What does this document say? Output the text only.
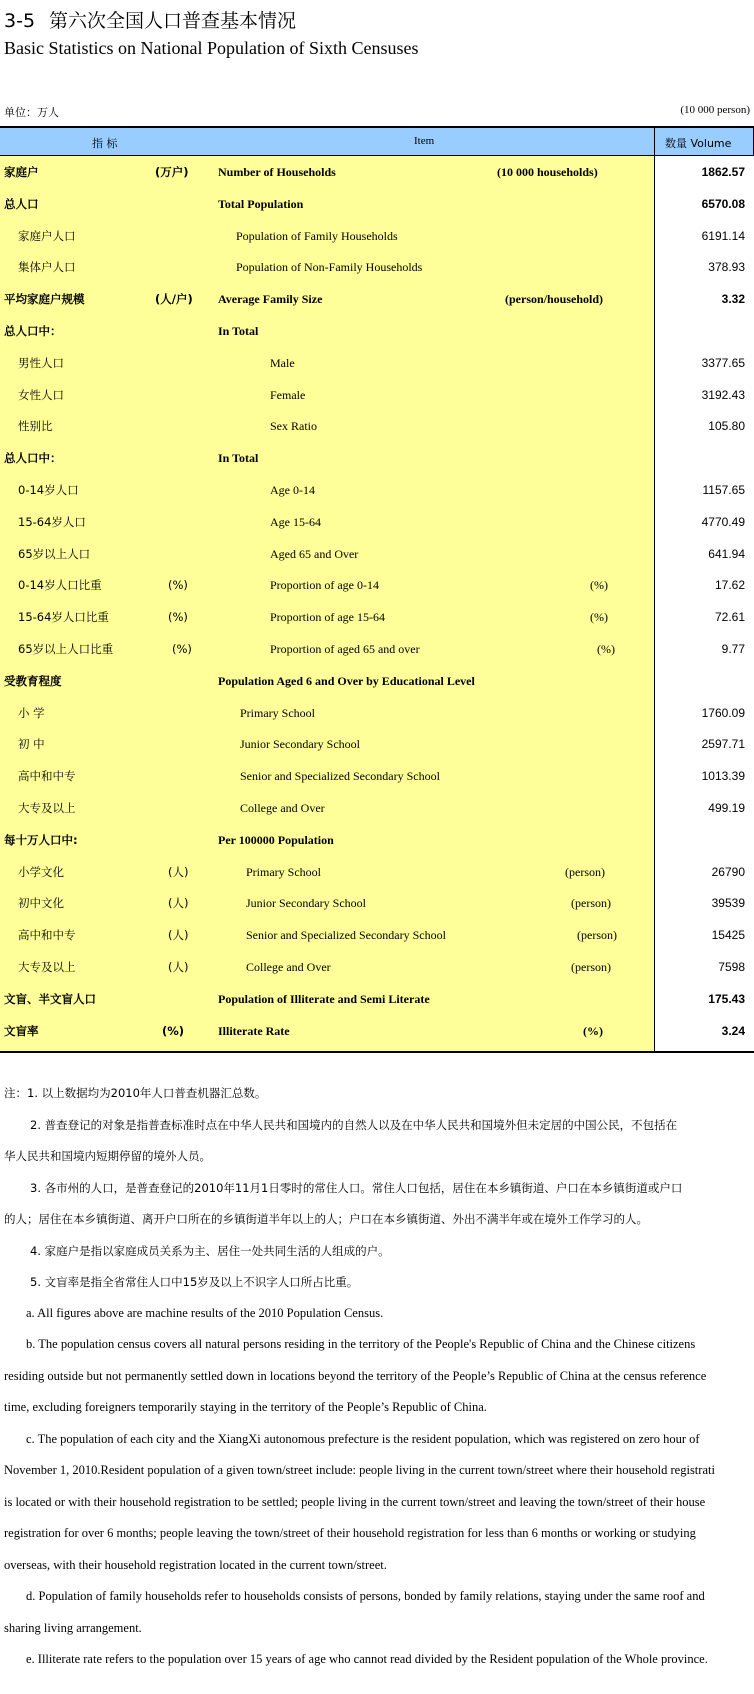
3-5 第六次全国人口普查基本情况
Basic Statistics on National Population of Sixth Censuses
单位：万人	(10 000 person)
指 标	Item	数量 Volume
家庭户	(万户) Number of Households	(10 000 households)	1862.57
总人口	Total Population	6570.08
家庭户人口	Population of Family Households	6191.14
集体户人口	Population of Non-Family Households	378.93
平均家庭户规模	(人/户) Average Family Size	(person/household)	3.32
总人口中：	In Total
男性人口	Male	3377.65
女性人口	Female	3192.43
性别比	Sex Ratio	105.80
总人口中：	In Total
0-14岁人口	Age 0-14	1157.65
15-64岁人口	Age 15-64	4770.49
65岁以上人口	Aged 65 and Over	641.94
0-14岁人口比重	(%)	Proportion of age 0-14	(%)	17.62
15-64岁人口比重	(%)	Proportion of age 15-64	(%)	72.61
65岁以上人口比重	(%)	Proportion of aged 65 and over	(%)	9.77
受教育程度	Population Aged 6 and Over by Educational Level
小 学	Primary School	1760.09
初 中	Junior Secondary School	2597.71
高中和中专	Senior and Specialized Secondary School	1013.39
大专及以上	College and Over	499.19
每十万人口中:	Per 100000 Population
小学文化	(人)	Primary School	(person)	26790
初中文化	(人)	Junior Secondary School	(person)	39539
高中和中专	(人)	Senior and Specialized Secondary School	(person)	15425
大专及以上	(人)	College and Over	(person)	7598
文盲、半文盲人口	Population of Illiterate and Semi Literate	175.43
文盲率	(%)	Illiterate Rate	(%)	3.24
注：1. 以上数据均为2010年人口普查机器汇总数。
2. 普查登记的对象是指普查标准时点在中华人民共和国境内的自然人以及在中华人民共和国境外但未定居的中国公民，不包括在
华人民共和国境内短期停留的境外人员。
3. 各市州的人口，是普查登记的2010年11月1日零时的常住人口。常住人口包括，居住在本乡镇街道、户口在本乡镇街道或户口
的人；居住在本乡镇街道、离开户口所在的乡镇街道半年以上的人；户口在本乡镇街道、外出不满半年或在境外工作学习的人。
4. 家庭户是指以家庭成员关系为主、居住一处共同生活的人组成的户。
5. 文盲率是指全省常住人口中15岁及以上不识字人口所占比重。
a. All figures above are machine results of the 2010 Population Census.
b. The population census covers all natural persons residing in the territory of the People's Republic of China and the Chinese citizens
residing outside but not permanently settled down in locations beyond the territory of the People’s Republic of China at the census reference
time, excluding foreigners temporarily staying in the territory of the People’s Republic of China.
c. The population of each city and the XiangXi autonomous prefecture is the resident population, which was registered on zero hour of
November 1, 2010.Resident population of a given town/street include: people living in the current town/street where their household registrati
is located or with their household registration to be settled; people living in the current town/street and leaving the town/street of their house
registration for over 6 months; people leaving the town/street of their household registration for less than 6 months or working or studying
overseas, with their household registration located in the current town/street.
d. Population of family households refer to households consists of persons, bonded by family relations, staying under the same roof and
sharing living arrangement.
e. Illiterate rate refers to the population over 15 years of age who cannot read divided by the Resident population of the Whole province.
